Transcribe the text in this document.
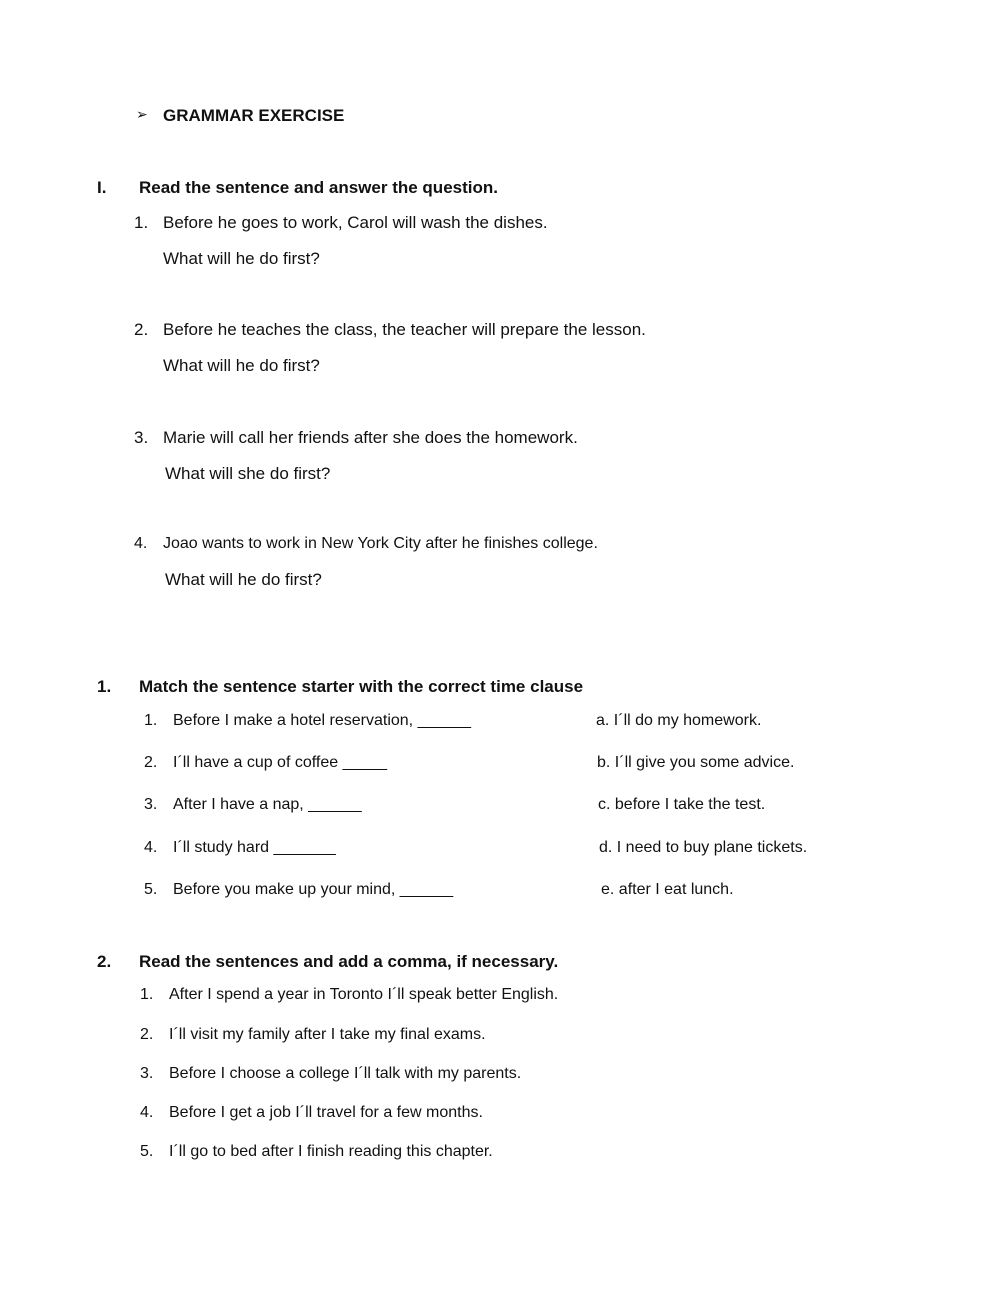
➢ GRAMMAR EXERCISE
I. Read the sentence and answer the question.
1. Before he goes to work, Carol will wash the dishes.
What will he do first?
2. Before he teaches the class, the teacher will prepare the lesson.
What will he do first?
3. Marie will call her friends after she does the homework.
What will she do first?
4. Joao wants to work in New York City after he finishes college.
What will he do first?
1. Match the sentence starter with the correct time clause
1. Before I make a hotel reservation, ______	a. I´ll do my homework.
2. I´ll have a cup of coffee _____	b. I´ll give you some advice.
3. After I have a nap, ______	c. before I take the test.
4. I´ll study hard _______	d. I need to buy plane tickets.
5. Before you make up your mind, ______	e. after I eat lunch.
2. Read the sentences and add a comma, if necessary.
1. After I spend a year in Toronto I´ll speak better English.
2. I´ll visit my family after I take my final exams.
3. Before I choose a college I´ll talk with my parents.
4. Before I get a job I´ll travel for a few months.
5. I´ll go to bed after I finish reading this chapter.
